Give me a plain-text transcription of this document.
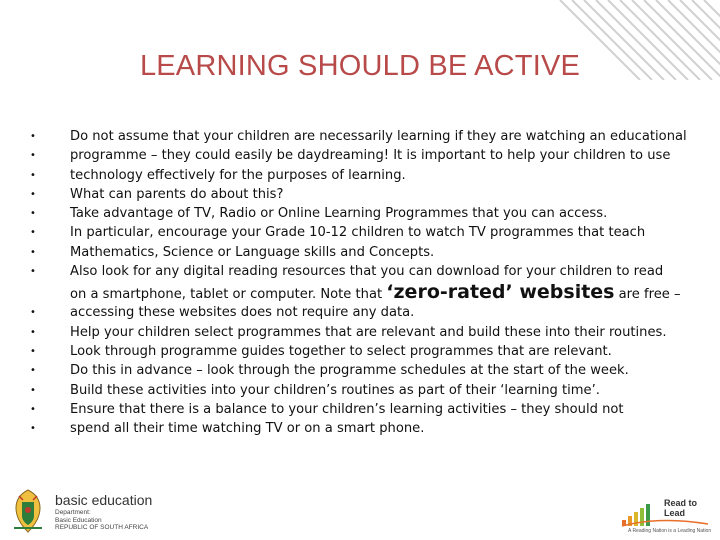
LEARNING SHOULD BE ACTIVE
•	Do not assume that your children are necessarily learning if they are watching an educational
•	programme – they could easily be daydreaming! It is important to help your children to use
•	technology effectively for the purposes of learning.
•	What can parents do about this?
•	Take advantage of TV, Radio or Online Learning Programmes that you can access.
•	In particular, encourage your Grade 10-12 children to watch TV programmes that teach
•	Mathematics, Science or Language skills and Concepts.
•	Also look for any digital reading resources that you can download for your children to read
on a smartphone, tablet or computer. Note that ‘zero-rated’ websites are free –
•	accessing these websites does not require any data.
•	Help your children select programmes that are relevant and build these into their routines.
•	Look through programme guides together to select programmes that are relevant.
•	Do this in advance – look through the programme schedules at the start of the week.
•	Build these activities into your children’s routines as part of their ‘learning time’.
•	Ensure that there is a balance to your children’s learning activities – they should not
•	spend all their time watching TV or on a smart phone.
basic education
Department:
Basic Education
REPUBLIC OF SOUTH AFRICA
Read to Lead
A Reading Nation is a Leading Nation
